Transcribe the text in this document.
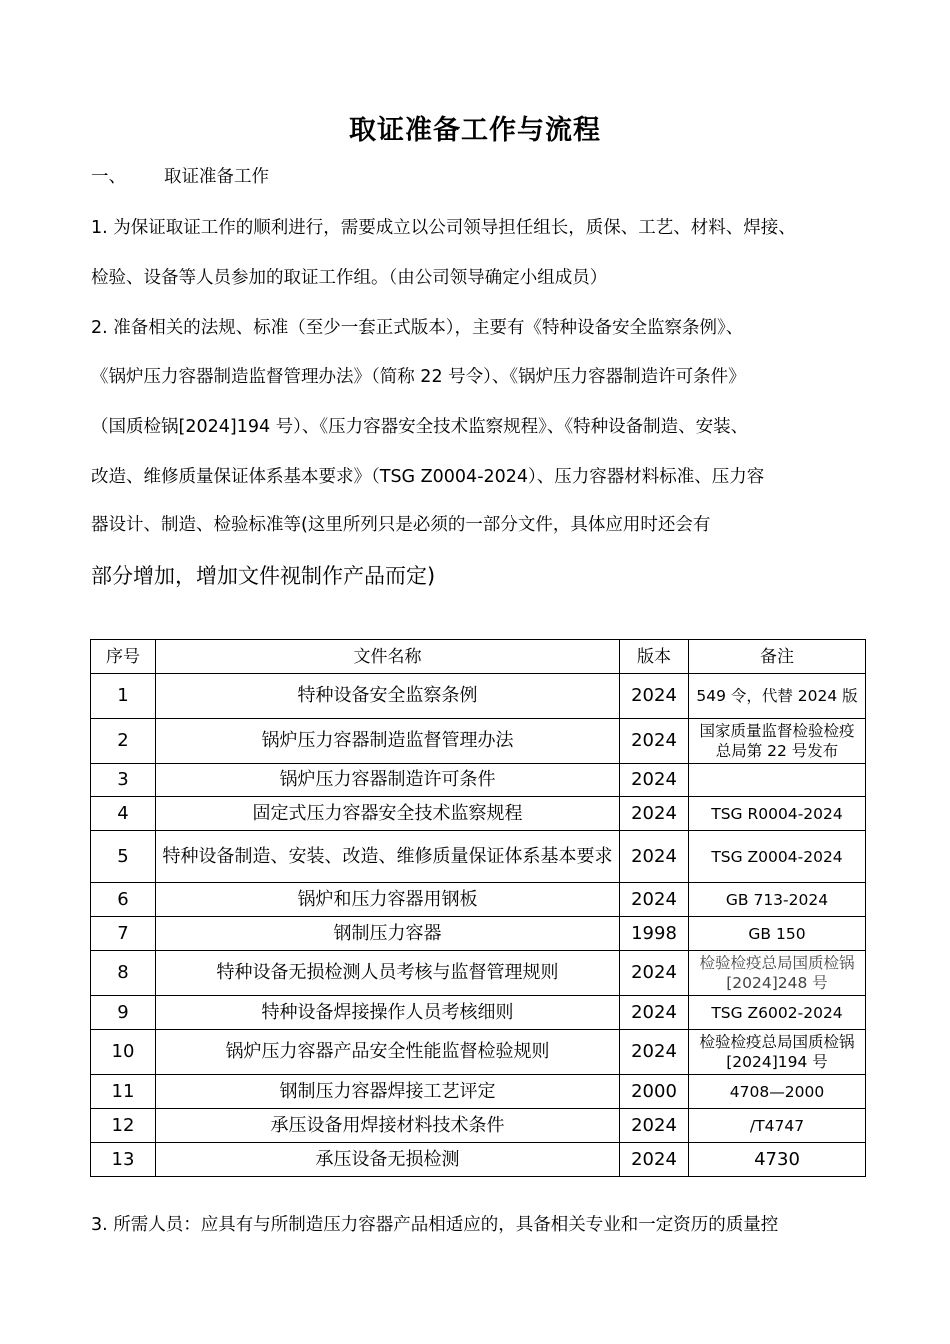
取证准备工作与流程
一、 取证准备工作
1. 为保证取证工作的顺利进行，需要成立以公司领导担任组长，质保、工艺、材料、焊接、
检验、设备等人员参加的取证工作组。（由公司领导确定小组成员）
2. 准备相关的法规、标准（至少一套正式版本），主要有《特种设备安全监察条例》、
《锅炉压力容器制造监督管理办法》（简称 22 号令）、《锅炉压力容器制造许可条件》
（国质检锅[2024]194 号）、《压力容器安全技术监察规程》、《特种设备制造、安装、
改造、维修质量保证体系基本要求》（TSG Z0004-2024）、压力容器材料标准、压力容
器设计、制造、检验标准等(这里所列只是必须的一部分文件，具体应用时还会有
部分增加，增加文件视制作产品而定)
序号	文件名称	版本	备注
1	特种设备安全监察条例	2024	549 令，代替 2024 版
2	锅炉压力容器制造监督管理办法	2024	国家质量监督检验检疫总局第 22 号发布
3	锅炉压力容器制造许可条件	2024	
4	固定式压力容器安全技术监察规程	2024	TSG R0004-2024
5	特种设备制造、安装、改造、维修质量保证体系基本要求	2024	TSG Z0004-2024
6	锅炉和压力容器用钢板	2024	GB 713-2024
7	钢制压力容器	1998	GB 150
8	特种设备无损检测人员考核与监督管理规则	2024	检验检疫总局国质检锅[2024]248 号
9	特种设备焊接操作人员考核细则	2024	TSG Z6002-2024
10	锅炉压力容器产品安全性能监督检验规则	2024	检验检疫总局国质检锅[2024]194 号
11	钢制压力容器焊接工艺评定	2000	4708—2000
12	承压设备用焊接材料技术条件	2024	/T4747
13	承压设备无损检测	2024	4730
3. 所需人员：应具有与所制造压力容器产品相适应的，具备相关专业和一定资历的质量控
